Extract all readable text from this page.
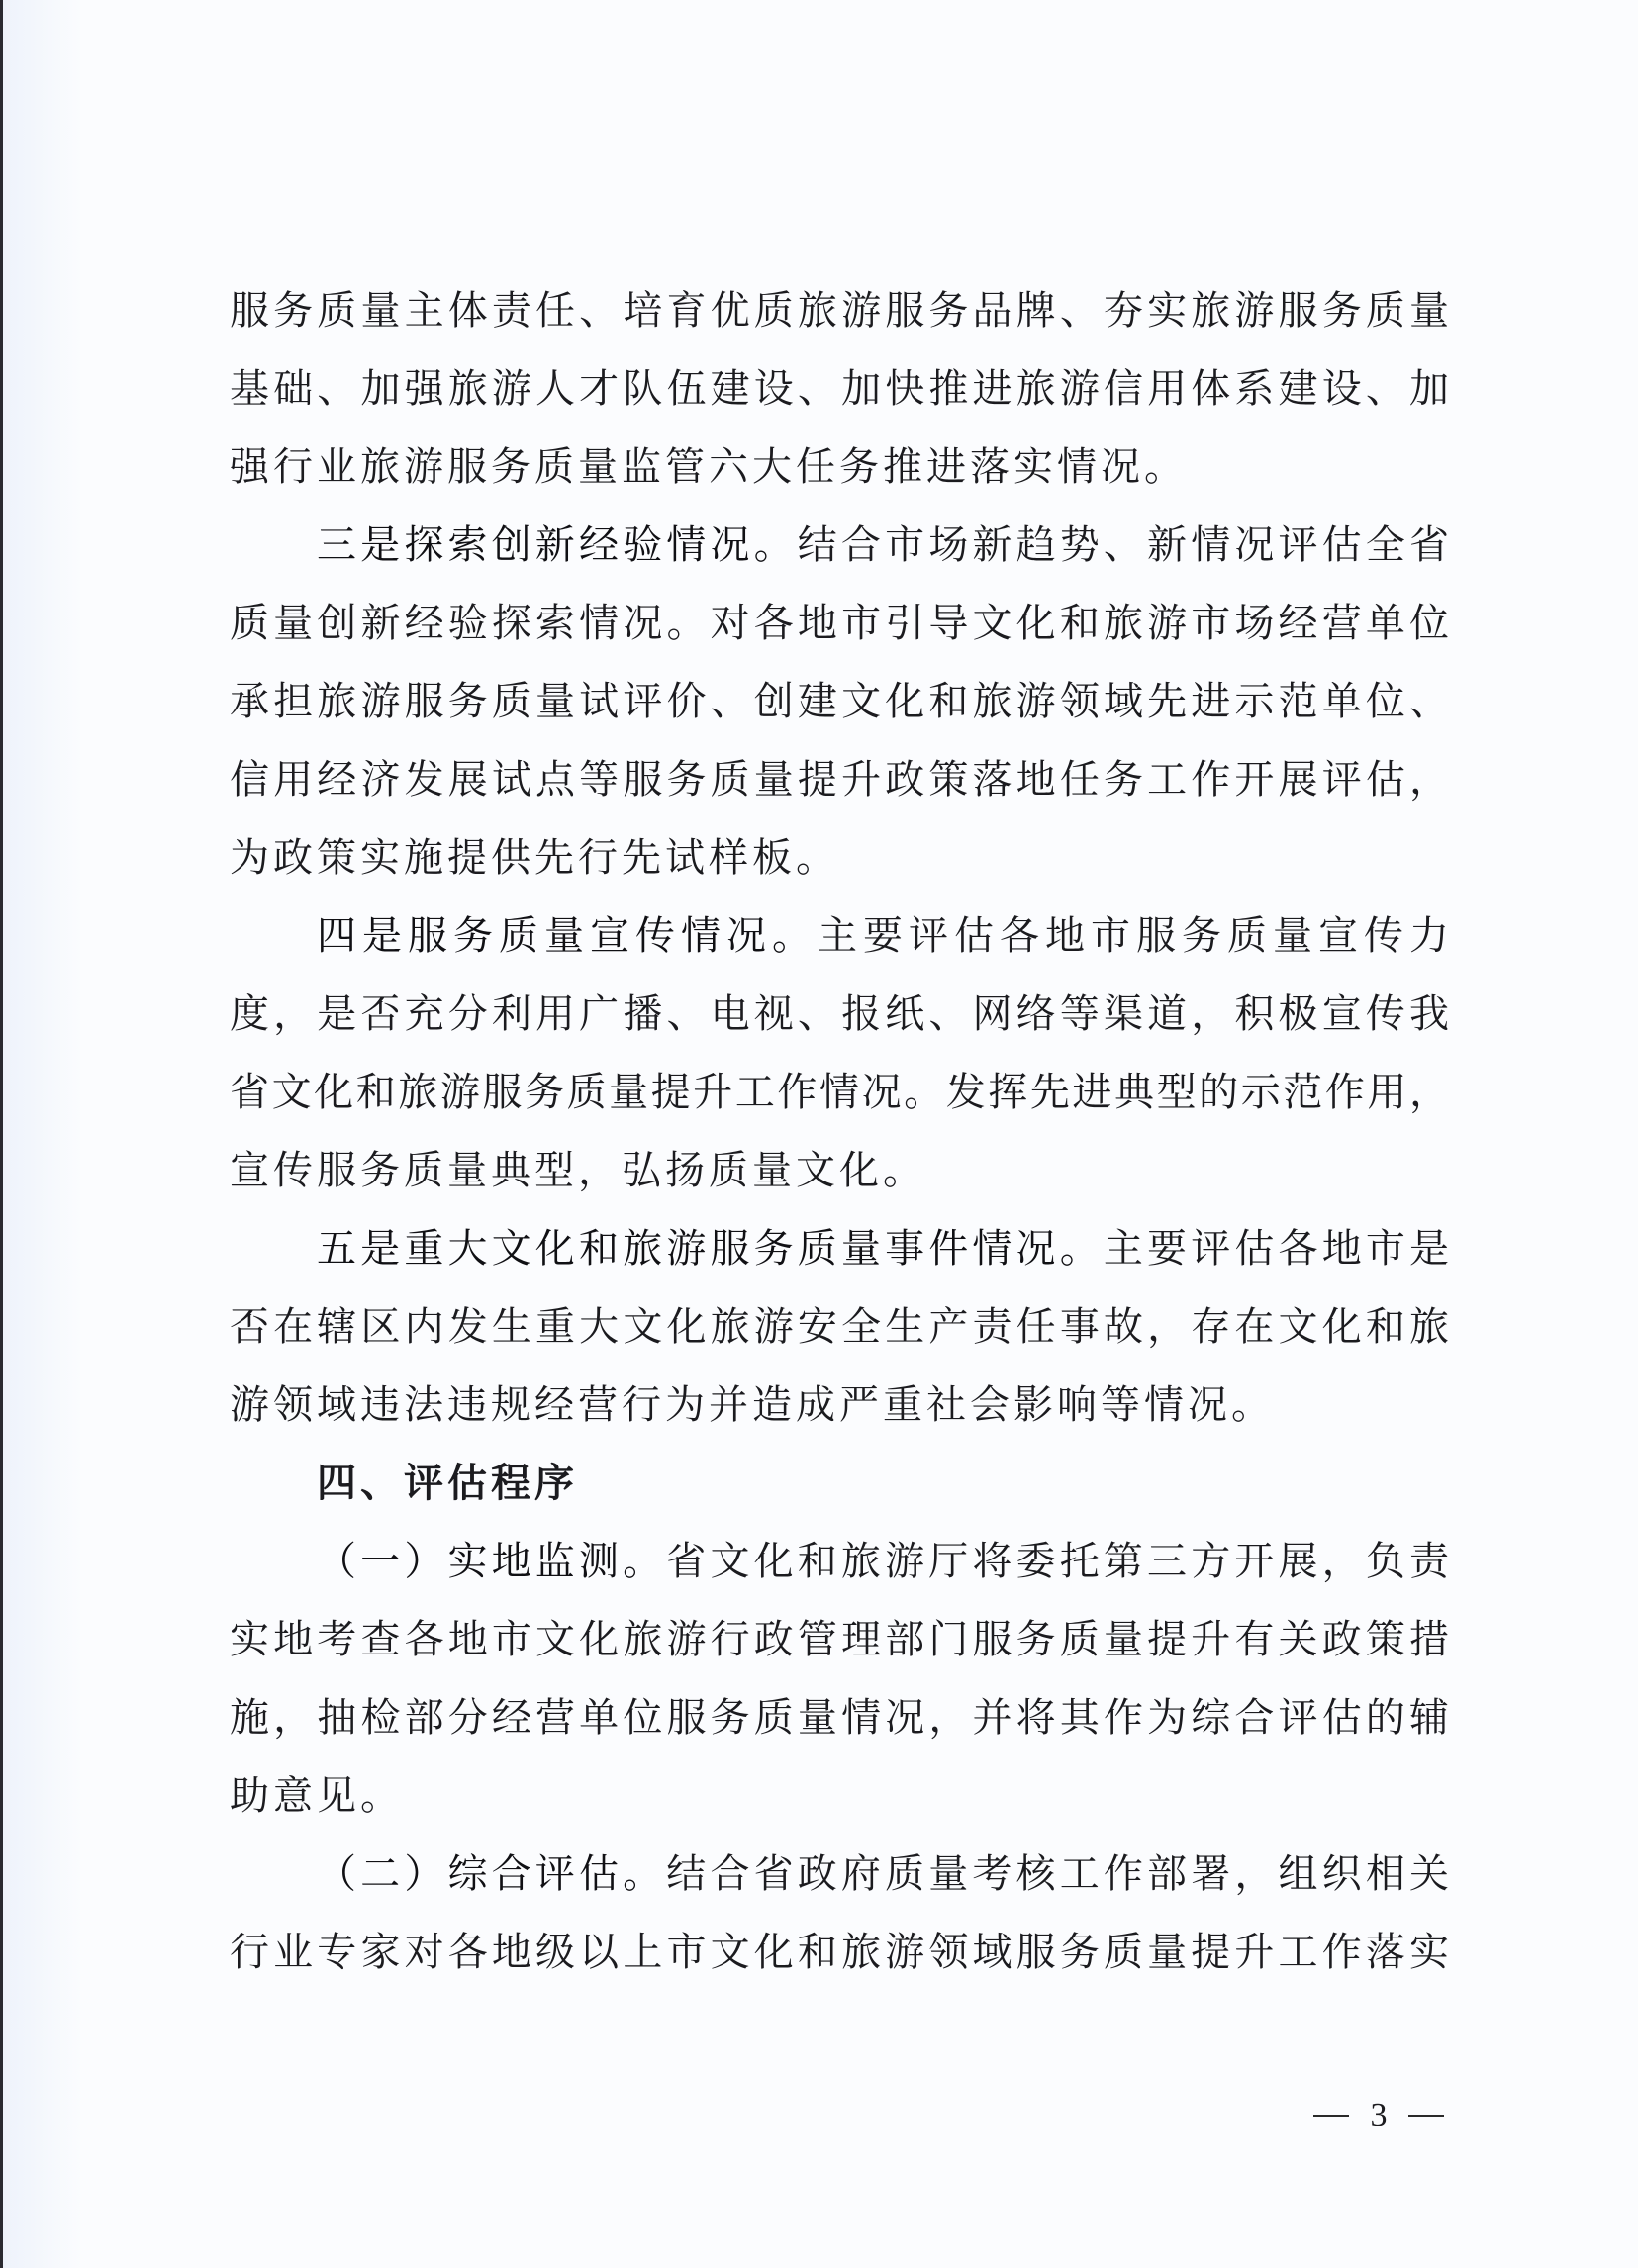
服​务​质​量​主​体​责​任​、​培​育​优​质​旅​游​服​务​品​牌​、​夯​实​旅​游​服​务​质​量
基​础​、​加​强​旅​游​人​才​队​伍​建​设​、​加​快​推​进​旅​游​信​用​体​系​建​设​、​加
强行业旅游服务质量监管六大任务推进落实情况。
三​是​探​索​创​新​经​验​情​况​。结​合​市​场​新​趋​势​、​新​情​况​评​估​全​省
质​量​创​新​经​验​探​索​情​况​。​对​各​地​市​引​导​文​化​和​旅​游​市​场​经​营​单​位
承​担​旅​游​服​务​质​量​试​评​价​、​创​建​文​化​和​旅​游​领​域​先​进​示​范​单​位​、
信​用​经​济​发​展​试​点​等​服​务​质​量​提​升​政​策​落​地​任​务​工​作​开​展​评​估​，
为政策实施提供先行先试样板。
四​是​服​务​质​量​宣​传​情​况​。主​要​评​估​各​地​市​服​务​质​量​宣​传​力
度​，​是​否​充​分​利​用​广​播​、​电​视​、​报​纸​、​网​络​等​渠​道​，​积​极​宣​传​我
省​文​化​和​旅​游​服​务​质​量​提​升​工​作​情​况​。​发​挥​先​进​典​型​的​示​范​作​用​，
宣传服务质量典型，弘扬质量文化。
五​是​重​大​文​化​和​旅​游​服​务​质​量​事​件​情​况​。主​要​评​估​各​地​市​是
否​在​辖​区​内​发​生​重​大​文​化​旅​游​安​全​生​产​责​任​事​故​，​存​在​文​化​和​旅
游领域违法违规经营行为并造成严重社会影响等情况。
四、评估程序
（​一​）​实​地​监​测​。省​文​化​和​旅​游​厅​将​委​托​第​三​方​开​展​，​负​责
实​地​考​查​各​地​市​文​化​旅​游​行​政​管​理​部​门​服​务​质​量​提​升​有​关​政​策​措
施​，​抽​检​部​分​经​营​单​位​服​务​质​量​情​况​，​并​将​其​作​为​综​合​评​估​的​辅
助意见。
（​二​）​综​合​评​估​。结​合​省​政​府​质​量​考​核​工​作​部​署​，​组​织​相​关
行​业​专​家​对​各​地​级​以​上​市​文​化​和​旅​游​领​域​服​务​质​量​提​升​工​作​落​实
3
